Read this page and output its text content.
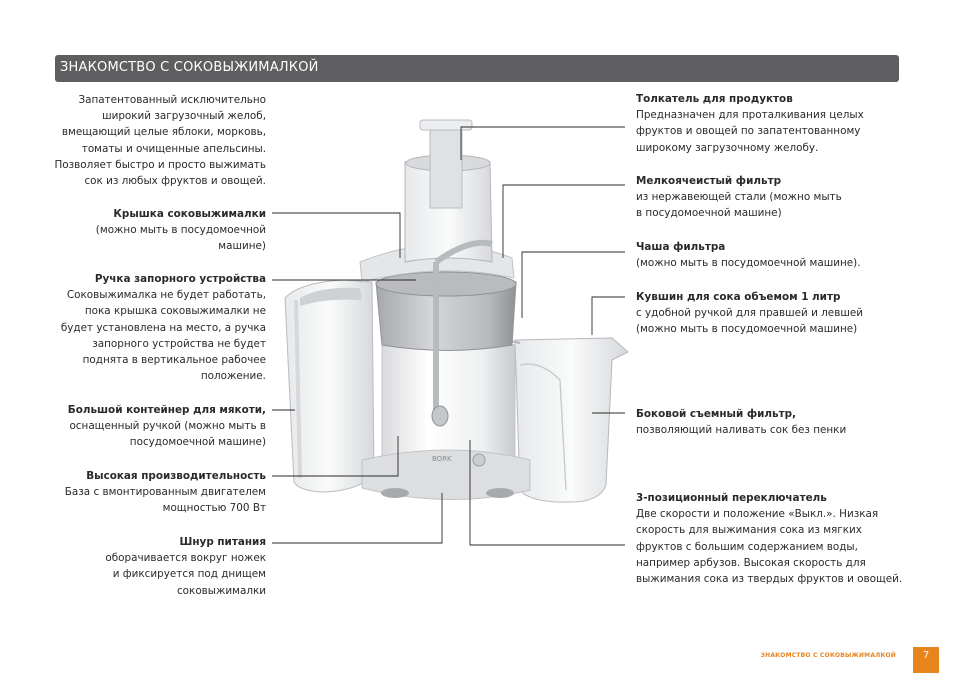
ЗНАКОМСТВО С СОКОВЫЖИМАЛКОЙ
Запатентованный исключительно
широкий загрузочный желоб,
вмещающий целые яблоки, морковь,
томаты и очищенные апельсины.
Позволяет быстро и просто выжимать
сок из любых фруктов и овощей.
Крышка соковыжималки
(можно мыть в посудомоечной
машине)
Ручка запорного устройства
Соковыжималка не будет работать,
пока крышка соковыжималки не
будет установлена на место, а ручка
запорного устройства не будет
поднята в вертикальное рабочее
положение.
Большой контейнер для мякоти,
оснащенный ручкой (можно мыть в
посудомоечной машине)
Высокая производительность
База с вмонтированным двигателем
мощностью 700 Вт
Шнур питания
оборачивается вокруг ножек
и фиксируется под днищем
соковыжималки
Толкатель для продуктов
Предназначен для проталкивания целых
фруктов и овощей по запатентованному
широкому загрузочному желобу.
Мелкоячеистый фильтр
из нержавеющей стали (можно мыть
в посудомоечной машине)
Чаша фильтра
(можно мыть в посудомоечной машине).
Кувшин для сока объемом 1 литр
с удобной ручкой для правшей и левшей
(можно мыть в посудомоечной машине)
Боковой съемный фильтр,
позволяющий наливать сок без пенки
3-позиционный переключатель
Две скорости и положение «Выкл.». Низкая
скорость для выжимания сока из мягких
фруктов с большим содержанием воды,
например арбузов. Высокая скорость для
выжимания сока из твердых фруктов и овощей.
BORK
ЗНАКОМСТВО С СОКОВЫЖИМАЛКОЙ	7
